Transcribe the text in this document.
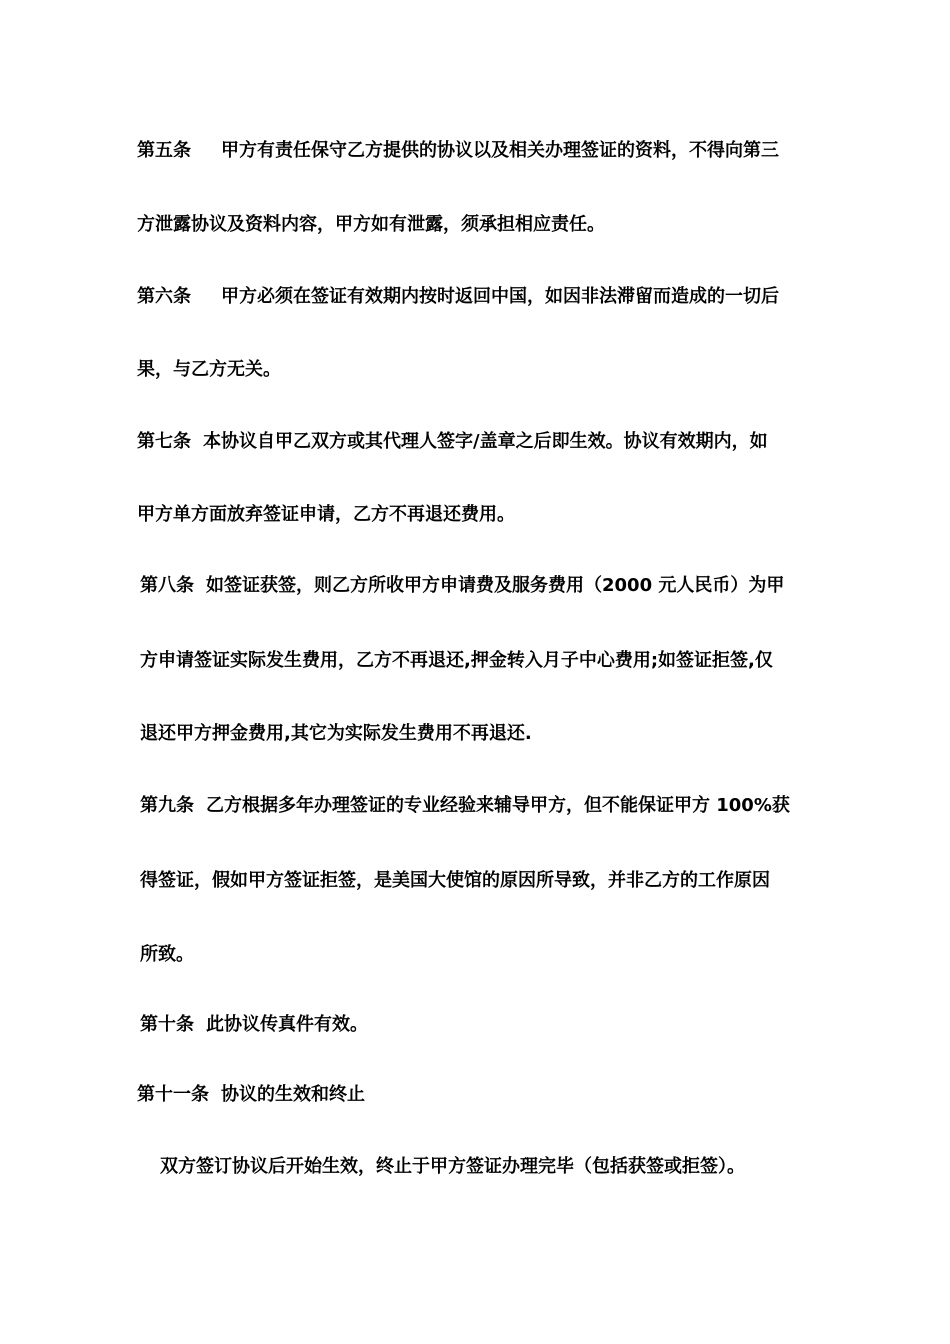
第五条 甲方有责任保守乙方提供的协议以及相关办理签证的资料，不得向第三
方泄露协议及资料内容，甲方如有泄露，须承担相应责任。
第六条 甲方必须在签证有效期内按时返回中国，如因非法滞留而造成的一切后
果，与乙方无关。
第七条 本协议自甲乙双方或其代理人签字/盖章之后即生效。协议有效期内，如
甲方单方面放弃签证申请，乙方不再退还费用。
第八条 如签证获签，则乙方所收甲方申请费及服务费用（2000 元人民币）为甲
方申请签证实际发生费用，乙方不再退还,押金转入月子中心费用;如签证拒签,仅
退还甲方押金费用,其它为实际发生费用不再退还.
第九条 乙方根据多年办理签证的专业经验来辅导甲方，但不能保证甲方 100%获
得签证，假如甲方签证拒签，是美国大使馆的原因所导致，并非乙方的工作原因
所致。
第十条 此协议传真件有效。
第十一条 协议的生效和终止
双方签订协议后开始生效，终止于甲方签证办理完毕（包括获签或拒签）。
